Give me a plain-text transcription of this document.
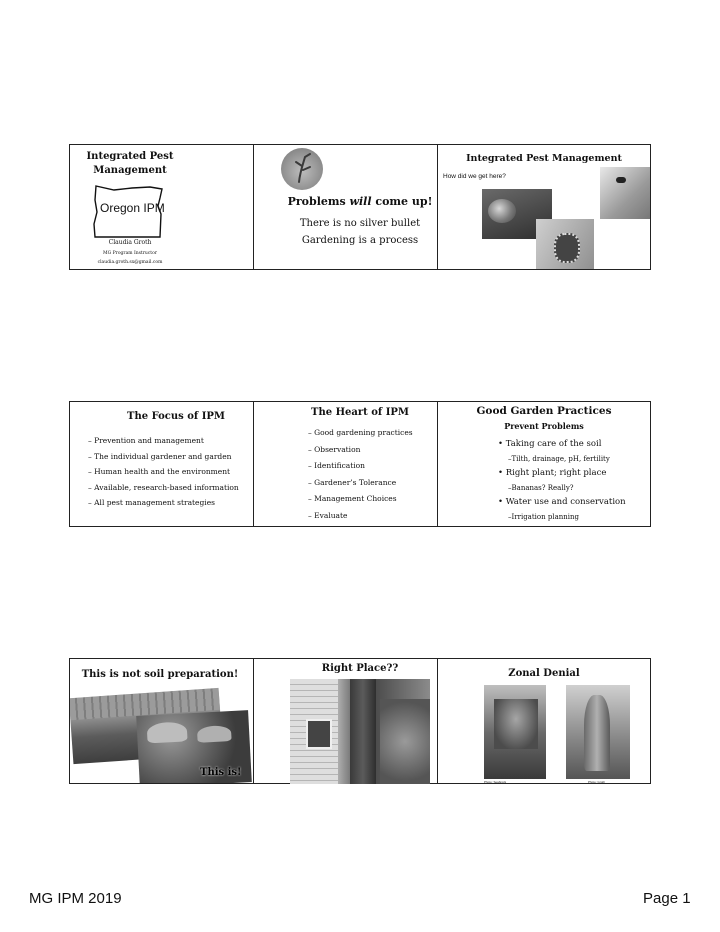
Integrated Pest
Management
Oregon IPM
Claudia Groth
MG Program Instructor
claudia.groth.sx@gmail.com
Problems will come up!
There is no silver bullet
Gardening is a process
Integrated Pest Management
How did we get here?
The Focus of IPM
– Prevention and management
– The individual gardener and garden
– Human health and the environment
– Available, research-based information
– All pest management strategies
The Heart of IPM
– Good gardening practices
– Observation
– Identification
– Gardener’s Tolerance
– Management Choices
– Evaluate
Good Garden Practices
Prevent Problems
• Taking care of the soil
–Tilth, drainage, pH, fertility
• Right plant; right place
–Bananas? Really?
• Water use and conservation
–Irrigation planning
This is not soil preparation!
This is!
Right Place??	Zonal Denial
Photo: Seabrock	Photo: Groth
MG IPM 2019	Page 1
